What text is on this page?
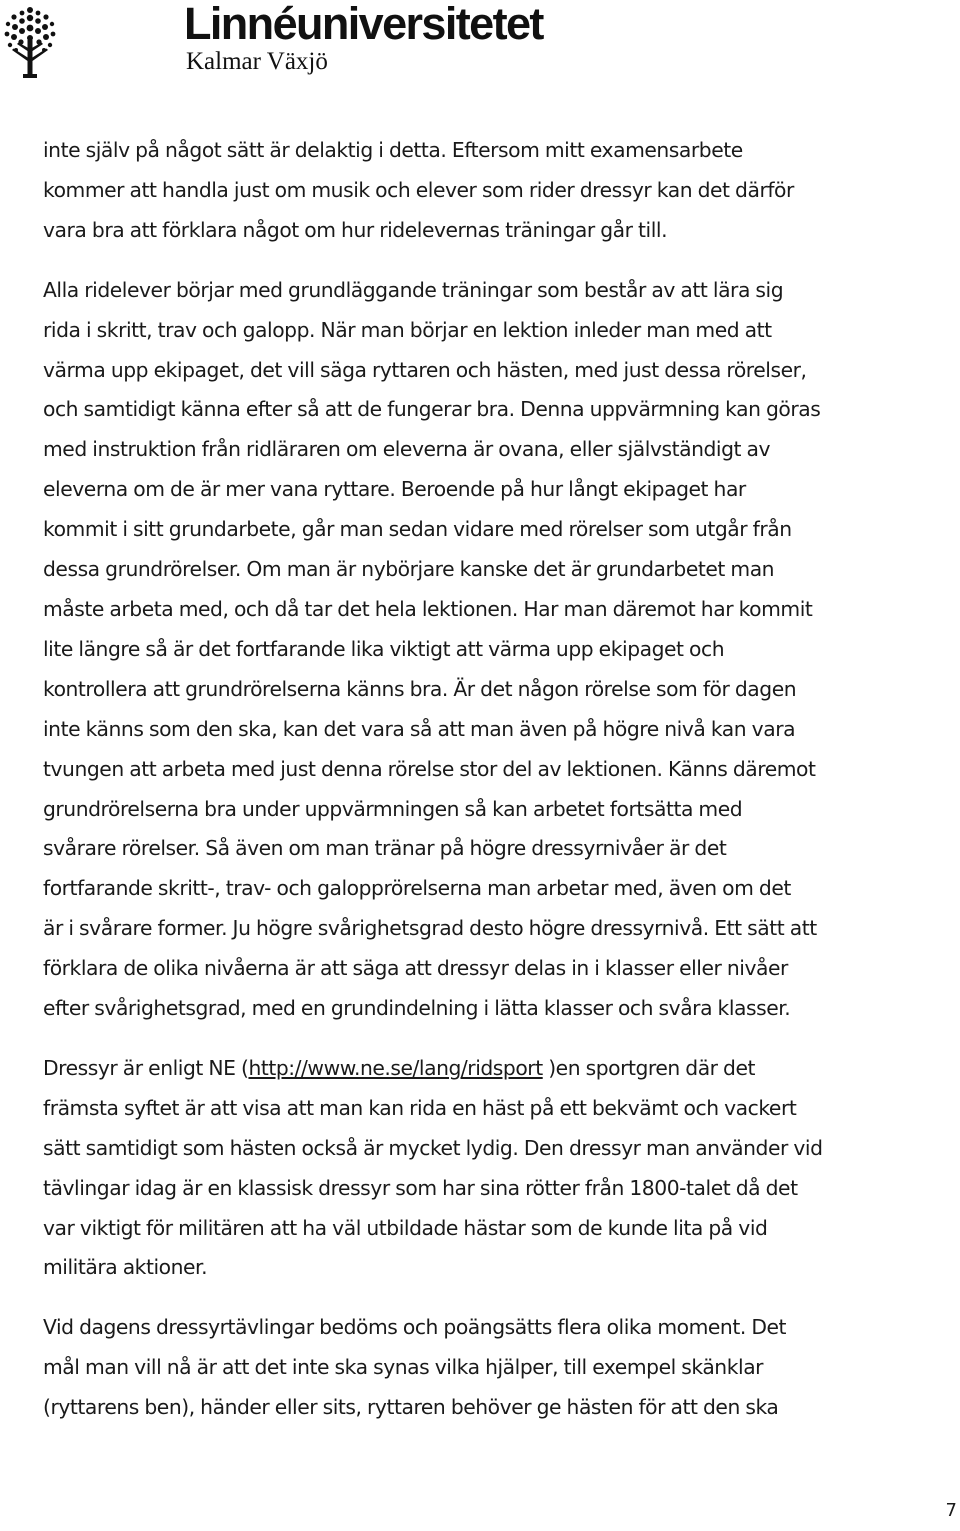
Linnéuniversitetet
Kalmar Växjö
inte själv på något sätt är delaktig i detta. Eftersom mitt examensarbete
kommer att handla just om musik och elever som rider dressyr kan det därför
vara bra att förklara något om hur ridelevernas träningar går till.
Alla ridelever börjar med grundläggande träningar som består av att lära sig
rida i skritt, trav och galopp. När man börjar en lektion inleder man med att
värma upp ekipaget, det vill säga ryttaren och hästen, med just dessa rörelser,
och samtidigt känna efter så att de fungerar bra. Denna uppvärmning kan göras
med instruktion från ridläraren om eleverna är ovana, eller självständigt av
eleverna om de är mer vana ryttare. Beroende på hur långt ekipaget har
kommit i sitt grundarbete, går man sedan vidare med rörelser som utgår från
dessa grundrörelser. Om man är nybörjare kanske det är grundarbetet man
måste arbeta med, och då tar det hela lektionen. Har man däremot har kommit
lite längre så är det fortfarande lika viktigt att värma upp ekipaget och
kontrollera att grundrörelserna känns bra. Är det någon rörelse som för dagen
inte känns som den ska, kan det vara så att man även på högre nivå kan vara
tvungen att arbeta med just denna rörelse stor del av lektionen. Känns däremot
grundrörelserna bra under uppvärmningen så kan arbetet fortsätta med
svårare rörelser. Så även om man tränar på högre dressyrnivåer är det
fortfarande skritt-, trav- och galopprörelserna man arbetar med, även om det
är i svårare former. Ju högre svårighetsgrad desto högre dressyrnivå. Ett sätt att
förklara de olika nivåerna är att säga att dressyr delas in i klasser eller nivåer
efter svårighetsgrad, med en grundindelning i lätta klasser och svåra klasser.
Dressyr är enligt NE (http://www.ne.se/lang/ridsport )en sportgren där det
främsta syftet är att visa att man kan rida en häst på ett bekvämt och vackert
sätt samtidigt som hästen också är mycket lydig. Den dressyr man använder vid
tävlingar idag är en klassisk dressyr som har sina rötter från 1800-talet då det
var viktigt för militären att ha väl utbildade hästar som de kunde lita på vid
militära aktioner.
Vid dagens dressyrtävlingar bedöms och poängsätts flera olika moment. Det
mål man vill nå är att det inte ska synas vilka hjälper, till exempel skänklar
(ryttarens ben), händer eller sits, ryttaren behöver ge hästen för att den ska
7
